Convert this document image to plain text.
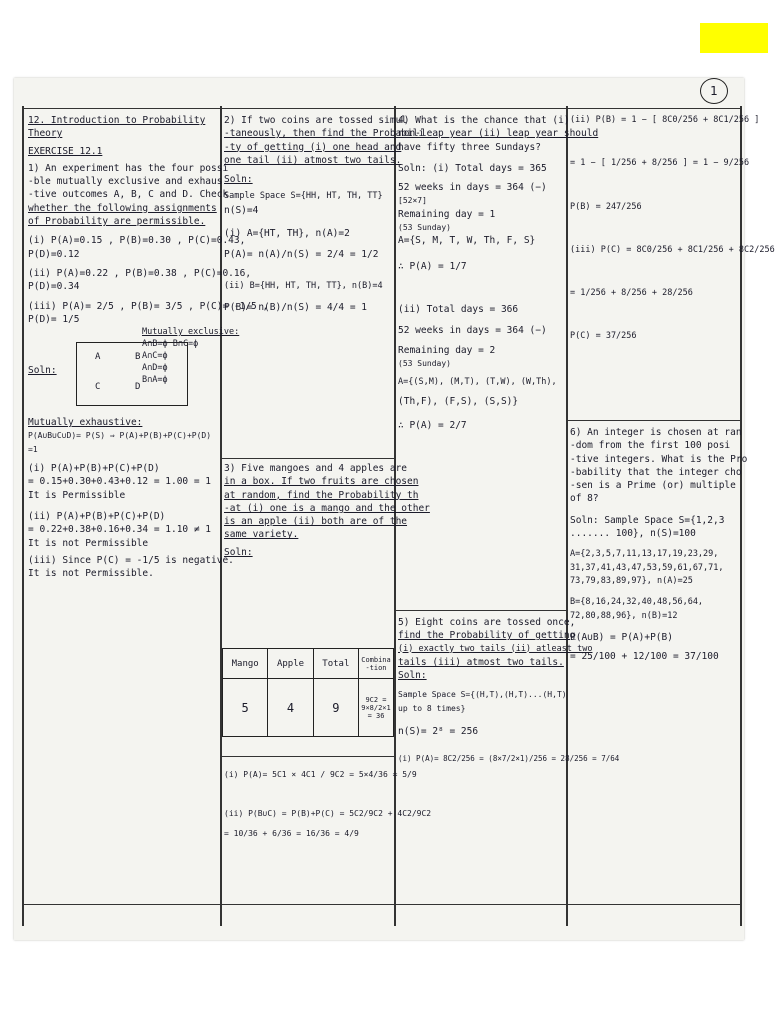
1
12. Introduction to Probability
Theory
EXERCISE 12.1
1) An experiment has the four possi
-ble mutually exclusive and exhaus
-tive outcomes A, B, C and D. Check
whether the following assignments
of Probability are permissible.
(i) P(A)=0.15 , P(B)=0.30 , P(C)=0.43,
P(D)=0.12
(ii) P(A)=0.22 , P(B)=0.38 , P(C)=0.16,
P(D)=0.34
(iii) P(A)= 2/5 , P(B)= 3/5 , P(C)= -1/5 ,
P(D)= 1/5
Soln:
A	B
C	D
Mutually exclusive:
A∩B=ϕ B∩C=ϕ
A∩C=ϕ
A∩D=ϕ
B∩A=ϕ
Mutually exhaustive:
P(A∪B∪C∪D)= P(S) ⇒ P(A)+P(B)+P(C)+P(D)
=1
(i) P(A)+P(B)+P(C)+P(D)
= 0.15+0.30+0.43+0.12 = 1.00 = 1
It is Permissible
(ii) P(A)+P(B)+P(C)+P(D)
= 0.22+0.38+0.16+0.34 = 1.10 ≠ 1
It is not Permissible
(iii) Since P(C) = -1/5 is negative.
It is not Permissible.
2) If two coins are tossed simul
-taneously, then find the Probabili
-ty of getting (i) one head and
one tail (ii) atmost two tails.
Soln:
Sample Space S={HH, HT, TH, TT}
n(S)=4
(i) A={HT, TH}, n(A)=2
P(A)= n(A)/n(S) = 2/4 = 1/2
(ii) B={HH, HT, TH, TT}, n(B)=4
P(B)= n(B)/n(S) = 4/4 = 1
3) Five mangoes and 4 apples are
in a box. If two fruits are chosen
at random, find the Probability th
-at (i) one is a mango and the other
is an apple (ii) both are of the
same variety.
Soln:
Mango	Apple	Total	Combina -tion
5	4	9	9C2 = 9×8/2×1 = 36
(i) P(A)= 5C1 × 4C1 / 9C2 = 5×4/36 = 5/9
(ii) P(B∪C) = P(B)+P(C) = 5C2/9C2 + 4C2/9C2
= 10/36 + 6/36 = 16/36 = 4/9
4) What is the chance that (i)
non-leap year (ii) leap year should
have fifty three Sundays?
Soln: (i) Total days = 365
52 weeks in days = 364 (−)
[52×7]
Remaining day = 1
(53 Sunday)
A={S, M, T, W, Th, F, S}
∴ P(A) = 1/7
(ii) Total days = 366
52 weeks in days = 364 (−)
Remaining day = 2
(53 Sunday)
A={(S,M), (M,T), (T,W), (W,Th),
(Th,F), (F,S), (S,S)}
∴ P(A) = 2/7
5) Eight coins are tossed once,
find the Probability of getting
(i) exactly two tails (ii) atleast two
tails (iii) atmost two tails.
Soln:
Sample Space S={(H,T),(H,T)...(H,T)
up to 8 times}
n(S)= 2⁸ = 256
(i) P(A)= 8C2/256 = (8×7/2×1)/256 = 28/256 = 7/64
(ii) P(B) = 1 − [ 8C0/256 + 8C1/256 ]
= 1 − [ 1/256 + 8/256 ] = 1 − 9/256
P(B) = 247/256
(iii) P(C) = 8C0/256 + 8C1/256 + 8C2/256
= 1/256 + 8/256 + 28/256
P(C) = 37/256
6) An integer is chosen at ran
-dom from the first 100 posi
-tive integers. What is the Pro
-bability that the integer cho
-sen is a Prime (or) multiple
of 8?
Soln: Sample Space S={1,2,3
....... 100}, n(S)=100
A={2,3,5,7,11,13,17,19,23,29,
31,37,41,43,47,53,59,61,67,71,
73,79,83,89,97}, n(A)=25
B={8,16,24,32,40,48,56,64,
72,80,88,96}, n(B)=12
P(A∪B) = P(A)+P(B)
= 25/100 + 12/100 = 37/100
